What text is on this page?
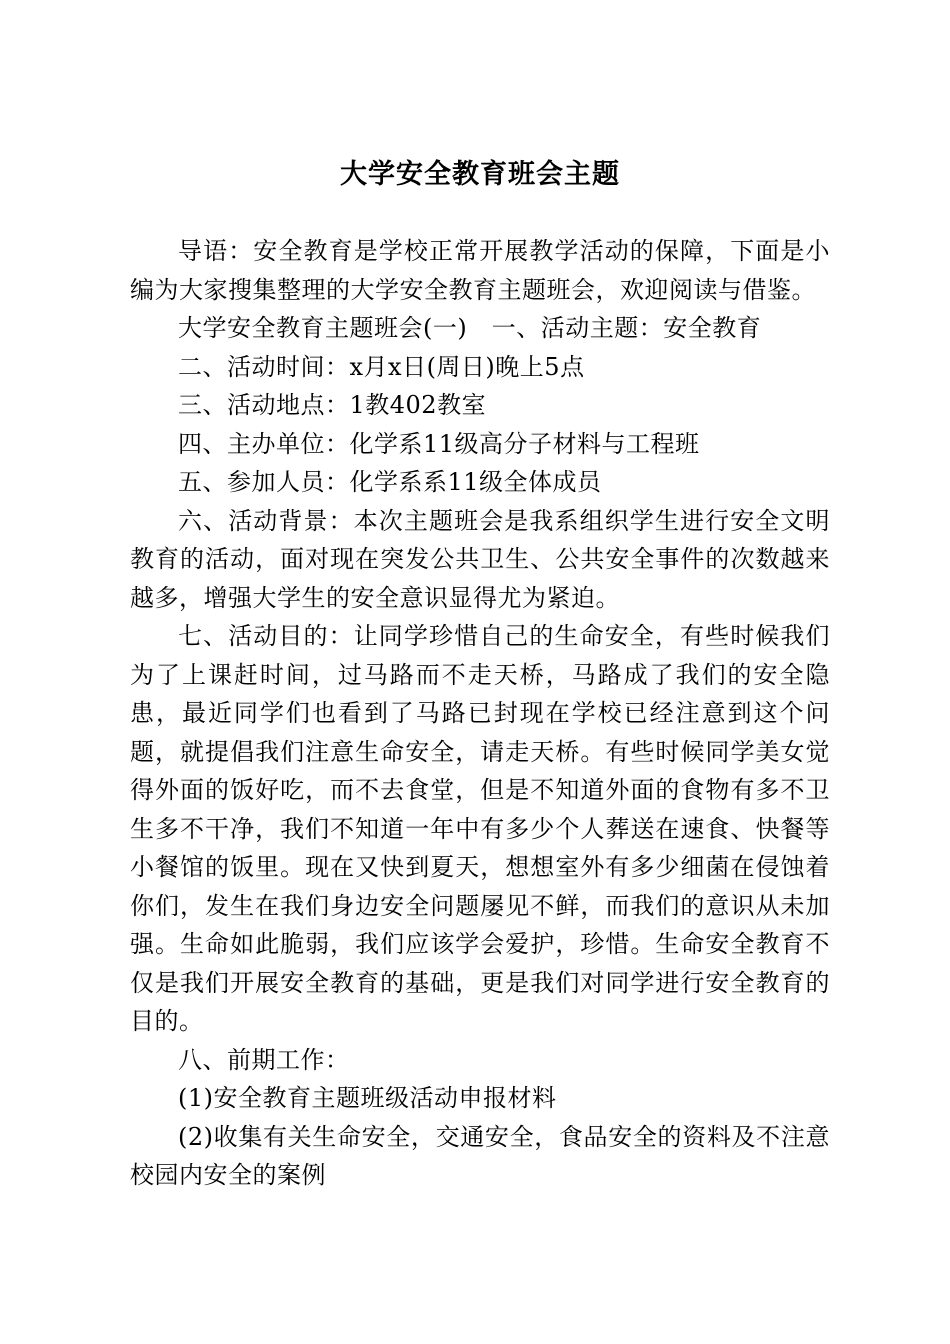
大学安全教育班会主题

导语：安全教育是学校正常开展教学活动的保障，下面是小编为大家搜集整理的大学安全教育主题班会，欢迎阅读与借鉴。

大学安全教育主题班会(一)　一、活动主题：安全教育

二、活动时间：x月x日(周日)晚上5点

三、活动地点：1教402教室

四、主办单位：化学系11级高分子材料与工程班

五、参加人员：化学系系11级全体成员

六、活动背景：本次主题班会是我系组织学生进行安全文明教育的活动，面对现在突发公共卫生、公共安全事件的次数越来越多，增强大学生的安全意识显得尤为紧迫。

七、活动目的：让同学珍惜自己的生命安全，有些时候我们为了上课赶时间，过马路而不走天桥，马路成了我们的安全隐患，最近同学们也看到了马路已封现在学校已经注意到这个问题，就提倡我们注意生命安全，请走天桥。有些时候同学美女觉得外面的饭好吃，而不去食堂，但是不知道外面的食物有多不卫生多不干净，我们不知道一年中有多少个人葬送在速食、快餐等小餐馆的饭里。现在又快到夏天，想想室外有多少细菌在侵蚀着你们，发生在我们身边安全问题屡见不鲜，而我们的意识从未加强。生命如此脆弱，我们应该学会爱护，珍惜。生命安全教育不仅是我们开展安全教育的基础，更是我们对同学进行安全教育的目的。

八、前期工作：

(1)安全教育主题班级活动申报材料

(2)收集有关生命安全，交通安全，食品安全的资料及不注意校园内安全的案例
